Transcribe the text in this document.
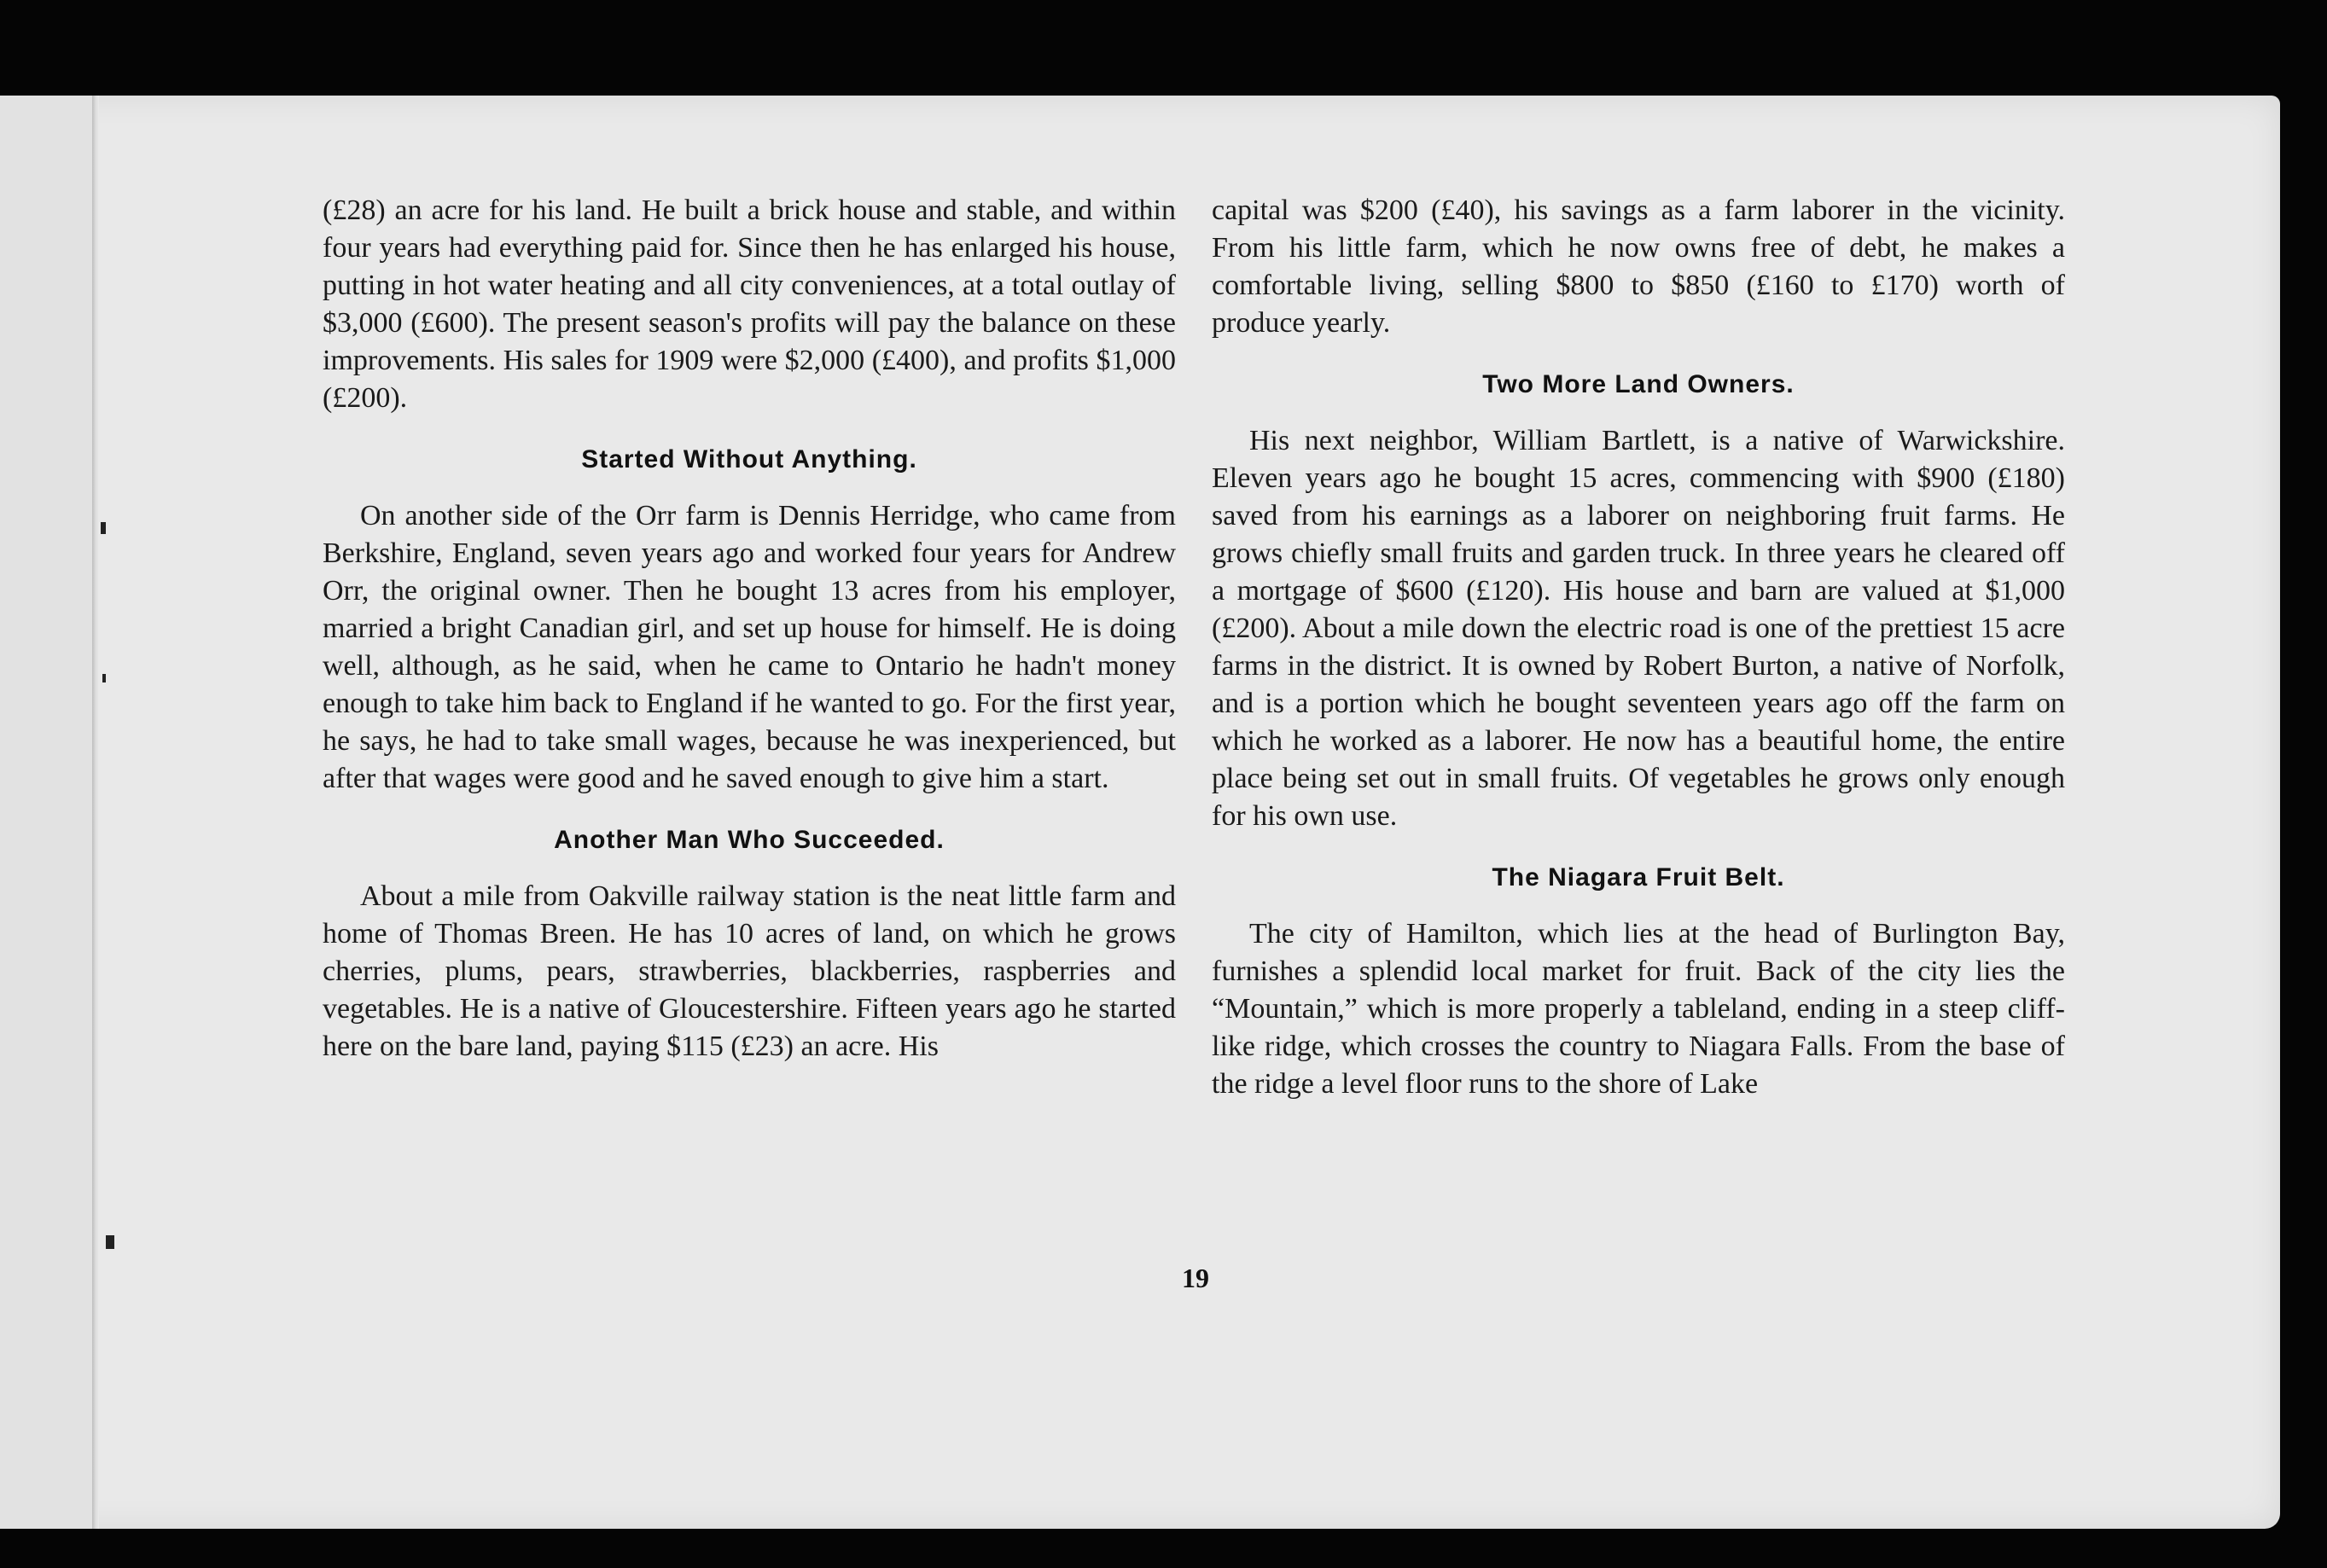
(£28) an acre for his land. He built a brick house and stable, and within four years had everything paid for. Since then he has enlarged his house, putting in hot water heating and all city conveniences, at a total outlay of $3,000 (£600). The present season's profits will pay the balance on these improvements. His sales for 1909 were $2,000 (£400), and profits $1,000 (£200).

Started Without Anything.

On another side of the Orr farm is Dennis Herridge, who came from Berkshire, England, seven years ago and worked four years for Andrew Orr, the original owner. Then he bought 13 acres from his employer, married a bright Canadian girl, and set up house for himself. He is doing well, although, as he said, when he came to Ontario he hadn't money enough to take him back to England if he wanted to go. For the first year, he says, he had to take small wages, because he was inexperienced, but after that wages were good and he saved enough to give him a start.

Another Man Who Succeeded.

About a mile from Oakville railway station is the neat little farm and home of Thomas Breen. He has 10 acres of land, on which he grows cherries, plums, pears, strawberries, blackberries, raspberries and vegetables. He is a native of Gloucestershire. Fifteen years ago he started here on the bare land, paying $115 (£23) an acre. His

capital was $200 (£40), his savings as a farm laborer in the vicinity. From his little farm, which he now owns free of debt, he makes a comfortable living, selling $800 to $850 (£160 to £170) worth of produce yearly.

Two More Land Owners.

His next neighbor, William Bartlett, is a native of Warwickshire. Eleven years ago he bought 15 acres, commencing with $900 (£180) saved from his earnings as a laborer on neighboring fruit farms. He grows chiefly small fruits and garden truck. In three years he cleared off a mortgage of $600 (£120). His house and barn are valued at $1,000 (£200). About a mile down the electric road is one of the prettiest 15 acre farms in the district. It is owned by Robert Burton, a native of Norfolk, and is a portion which he bought seventeen years ago off the farm on which he worked as a laborer. He now has a beautiful home, the entire place being set out in small fruits. Of vegetables he grows only enough for his own use.

The Niagara Fruit Belt.

The city of Hamilton, which lies at the head of Burlington Bay, furnishes a splendid local market for fruit. Back of the city lies the “Mountain,” which is more properly a tableland, ending in a steep cliff-like ridge, which crosses the country to Niagara Falls. From the base of the ridge a level floor runs to the shore of Lake

19
